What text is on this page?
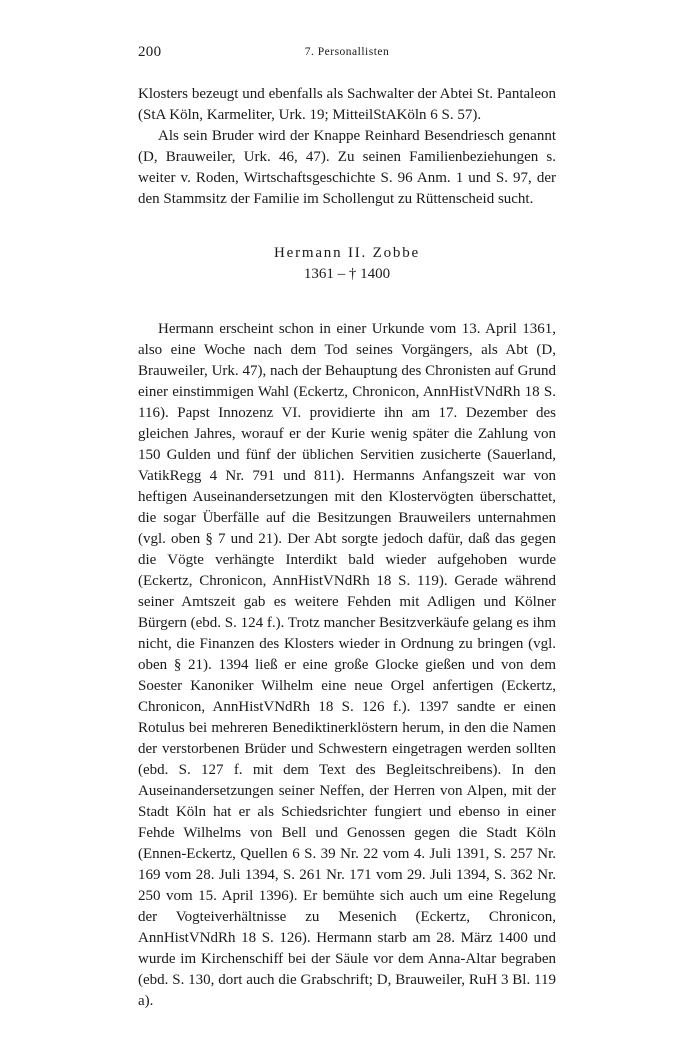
200	7. Personallisten

Klosters bezeugt und ebenfalls als Sachwalter der Abtei St. Pantaleon (StA Köln, Karmeliter, Urk. 19; MitteilStAKöln 6 S. 57).

Als sein Bruder wird der Knappe Reinhard Besendriesch genannt (D, Brauweiler, Urk. 46, 47). Zu seinen Familienbeziehungen s. weiter v. Roden, Wirtschaftsgeschichte S. 96 Anm. 1 und S. 97, der den Stammsitz der Familie im Schollengut zu Rüttenscheid sucht.

Hermann II. Zobbe
1361 – † 1400

Hermann erscheint schon in einer Urkunde vom 13. April 1361, also eine Woche nach dem Tod seines Vorgängers, als Abt (D, Brauweiler, Urk. 47), nach der Behauptung des Chronisten auf Grund einer einstimmigen Wahl (Eckertz, Chronicon, AnnHistVNdRh 18 S. 116). Papst Innozenz VI. providierte ihn am 17. Dezember des gleichen Jahres, worauf er der Kurie wenig später die Zahlung von 150 Gulden und fünf der üblichen Servitien zusicherte (Sauerland, VatikRegg 4 Nr. 791 und 811). Hermanns Anfangszeit war von heftigen Auseinandersetzungen mit den Klostervögten überschattet, die sogar Überfälle auf die Besitzungen Brauweilers unternahmen (vgl. oben § 7 und 21). Der Abt sorgte jedoch dafür, daß das gegen die Vögte verhängte Interdikt bald wieder aufgehoben wurde (Eckertz, Chronicon, AnnHistVNdRh 18 S. 119). Gerade während seiner Amtszeit gab es weitere Fehden mit Adligen und Kölner Bürgern (ebd. S. 124 f.). Trotz mancher Besitzverkäufe gelang es ihm nicht, die Finanzen des Klosters wieder in Ordnung zu bringen (vgl. oben § 21). 1394 ließ er eine große Glocke gießen und von dem Soester Kanoniker Wilhelm eine neue Orgel anfertigen (Eckertz, Chronicon, AnnHistVNdRh 18 S. 126 f.). 1397 sandte er einen Rotulus bei mehreren Benediktinerklöstern herum, in den die Namen der verstorbenen Brüder und Schwestern eingetragen werden sollten (ebd. S. 127 f. mit dem Text des Begleitschreibens). In den Auseinandersetzungen seiner Neffen, der Herren von Alpen, mit der Stadt Köln hat er als Schiedsrichter fungiert und ebenso in einer Fehde Wilhelms von Bell und Genossen gegen die Stadt Köln (Ennen-Eckertz, Quellen 6 S. 39 Nr. 22 vom 4. Juli 1391, S. 257 Nr. 169 vom 28. Juli 1394, S. 261 Nr. 171 vom 29. Juli 1394, S. 362 Nr. 250 vom 15. April 1396). Er bemühte sich auch um eine Regelung der Vogteiverhältnisse zu Mesenich (Eckertz, Chronicon, AnnHistVNdRh 18 S. 126). Hermann starb am 28. März 1400 und wurde im Kirchenschiff bei der Säule vor dem Anna-Altar begraben (ebd. S. 130, dort auch die Grabschrift; D, Brauweiler, RuH 3 Bl. 119 a).
